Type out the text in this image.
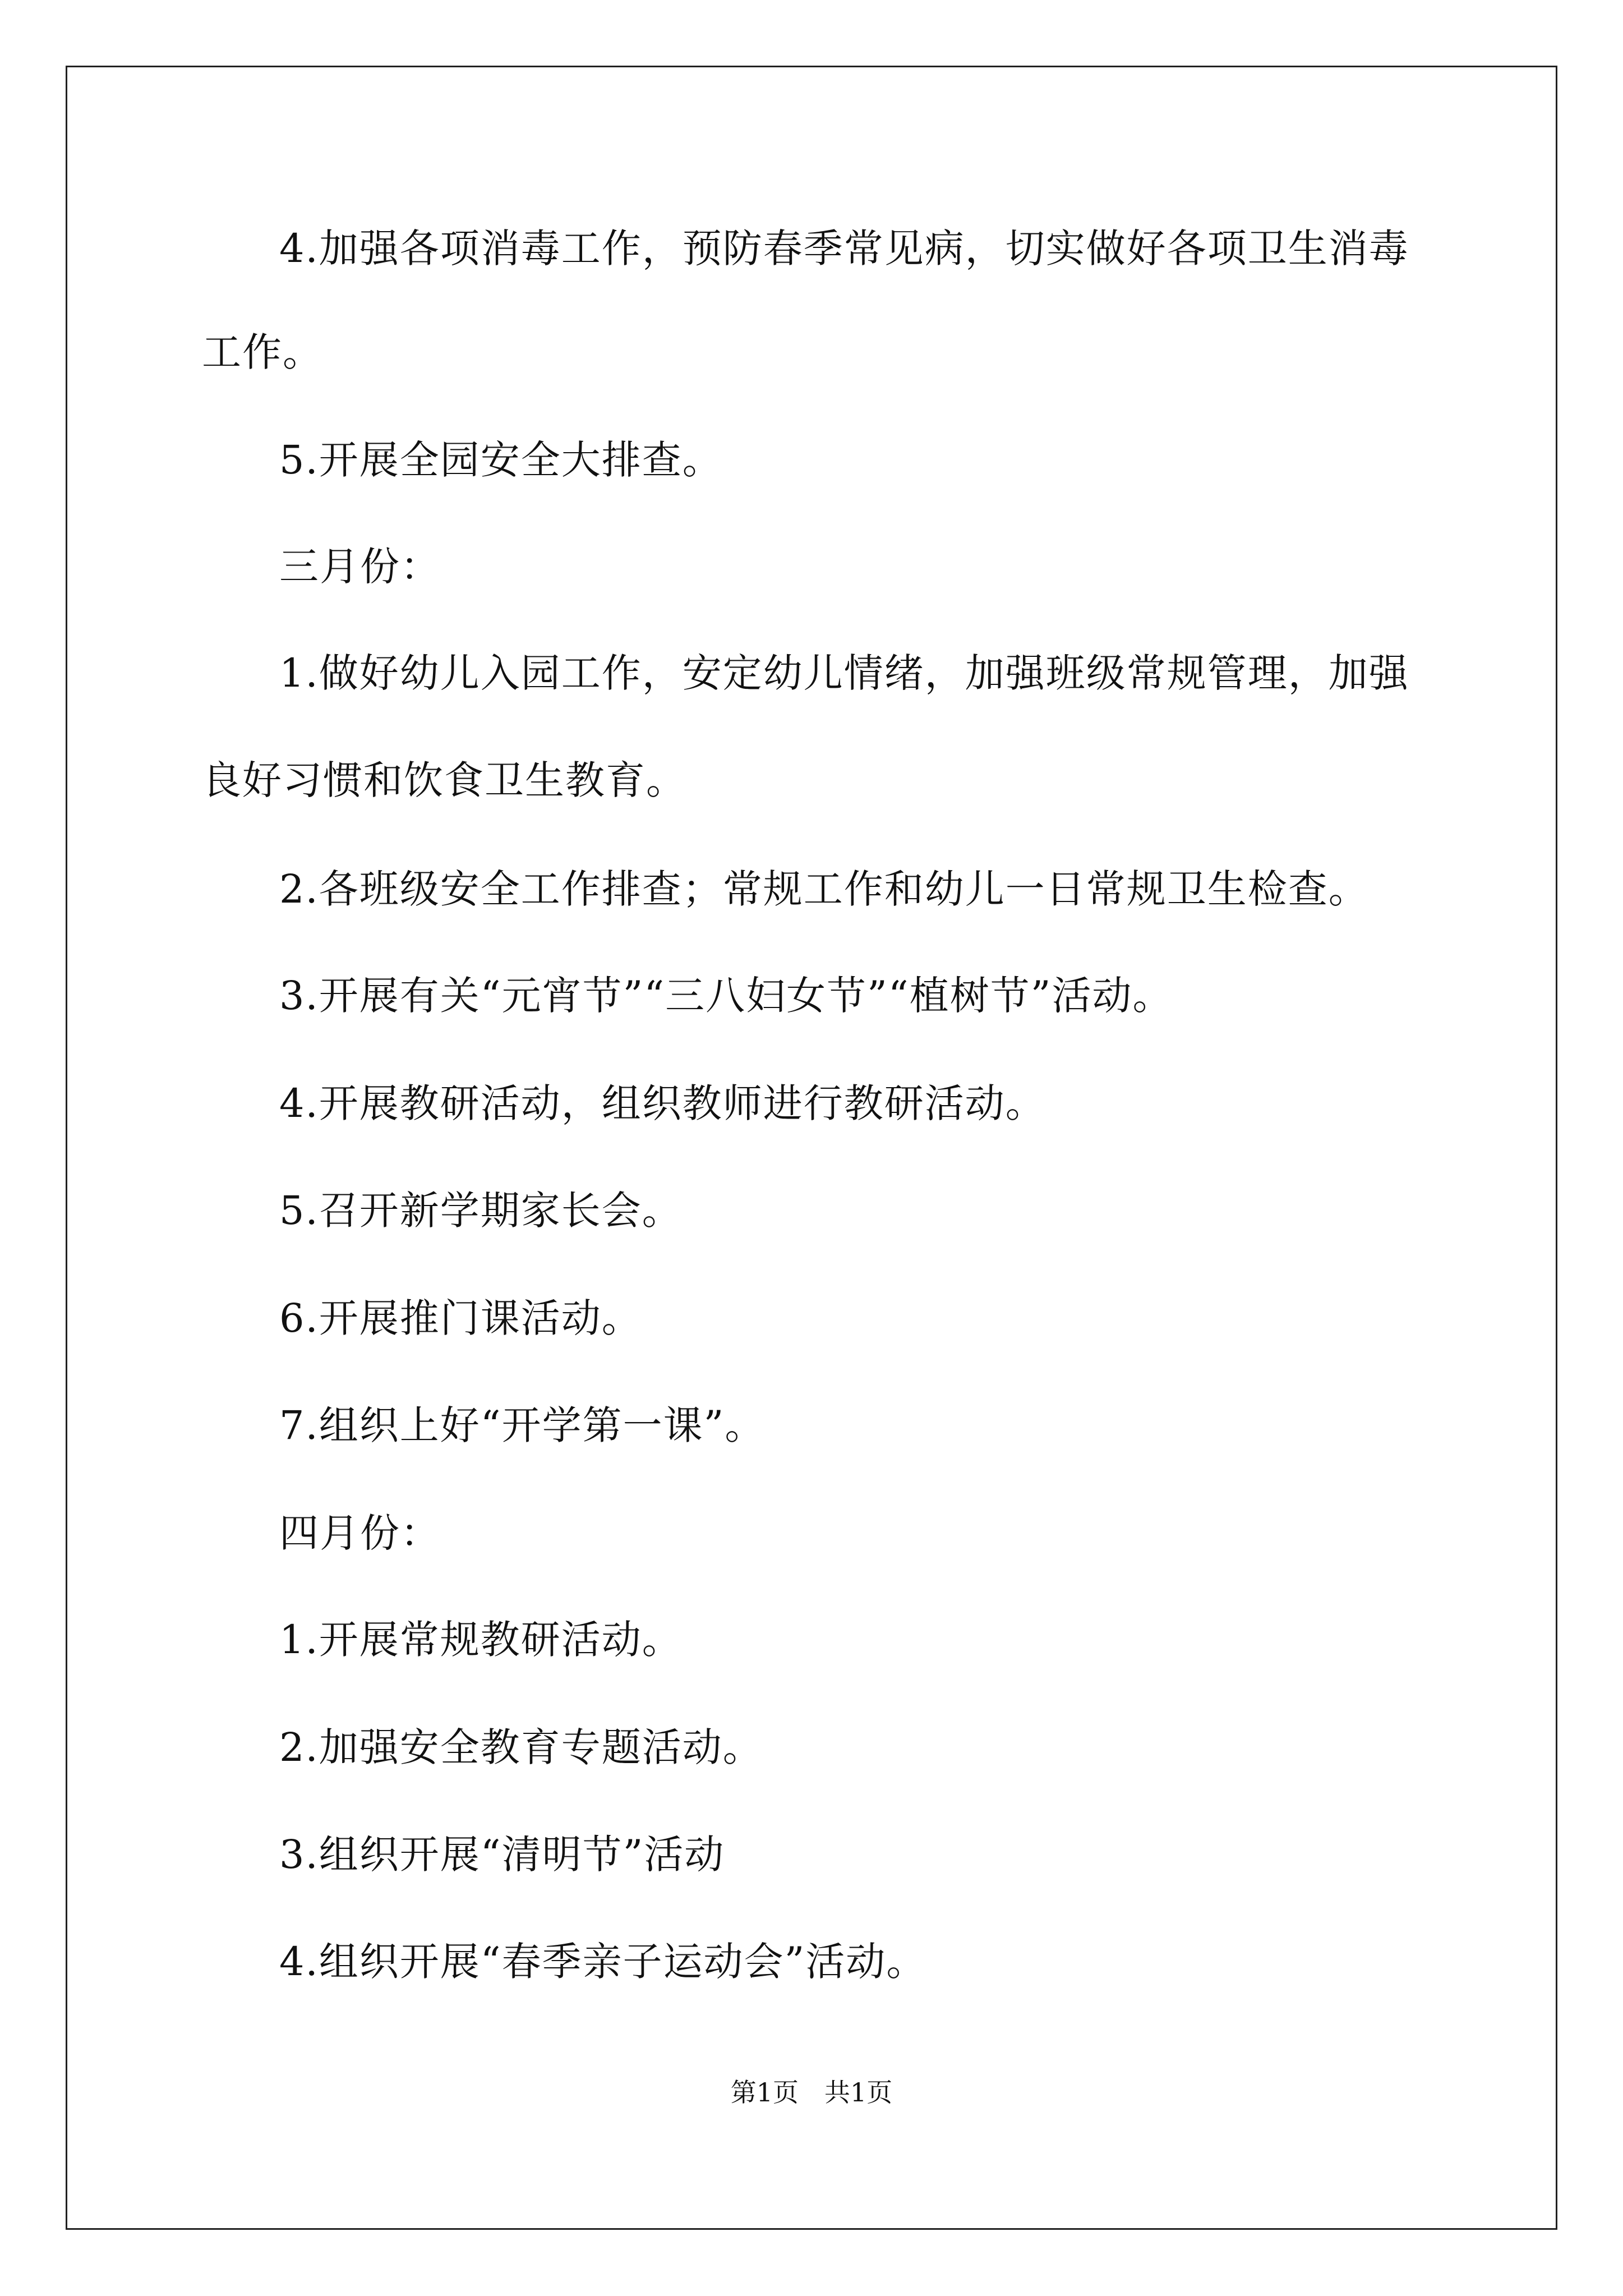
4.加强各项消毒工作，预防春季常见病，切实做好各项卫生消毒
工作。
5.开展全园安全大排查。
三月份：
1.做好幼儿入园工作，安定幼儿情绪，加强班级常规管理，加强
良好习惯和饮食卫生教育。
2.各班级安全工作排查；常规工作和幼儿一日常规卫生检查。
3.开展有关“元宵节”“三八妇女节”“植树节”活动。
4.开展教研活动，组织教师进行教研活动。
5.召开新学期家长会。
6.开展推门课活动。
7.组织上好“开学第一课”。
四月份：
1.开展常规教研活动。
2.加强安全教育专题活动。
3.组织开展“清明节”活动
4.组织开展“春季亲子运动会”活动。
第1页 共1页
